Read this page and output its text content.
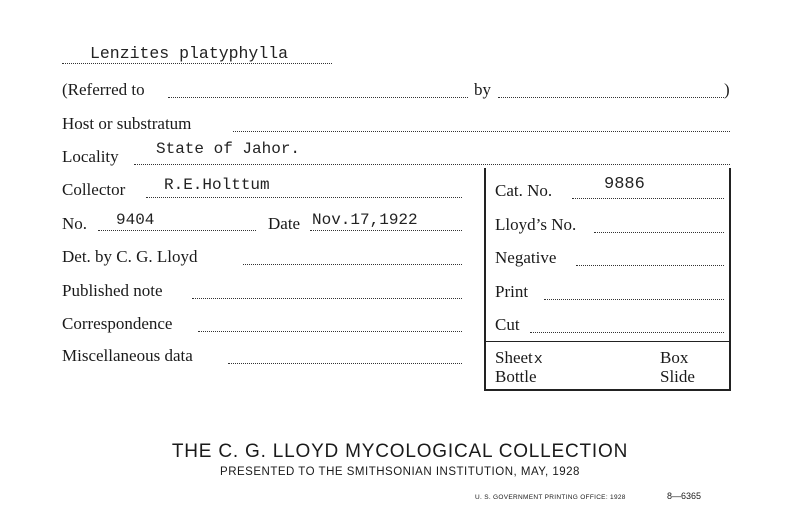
Lenzites platyphylla
(Referred to	by	)
Host or substratum
Locality State of Jahor.
Collector R.E.Holttum
No. 9404	Date Nov.17,1922
Det. by C. G. Lloyd
Published note
Correspondence
Miscellaneous data
Cat. No.	9886
Lloyd’s No.
Negative
Print
Cut
Sheetx	Box
Bottle	Slide
THE C. G. LLOYD MYCOLOGICAL COLLECTION
PRESENTED TO THE SMITHSONIAN INSTITUTION, MAY, 1928
U. S. GOVERNMENT PRINTING OFFICE: 1928	8—6365
